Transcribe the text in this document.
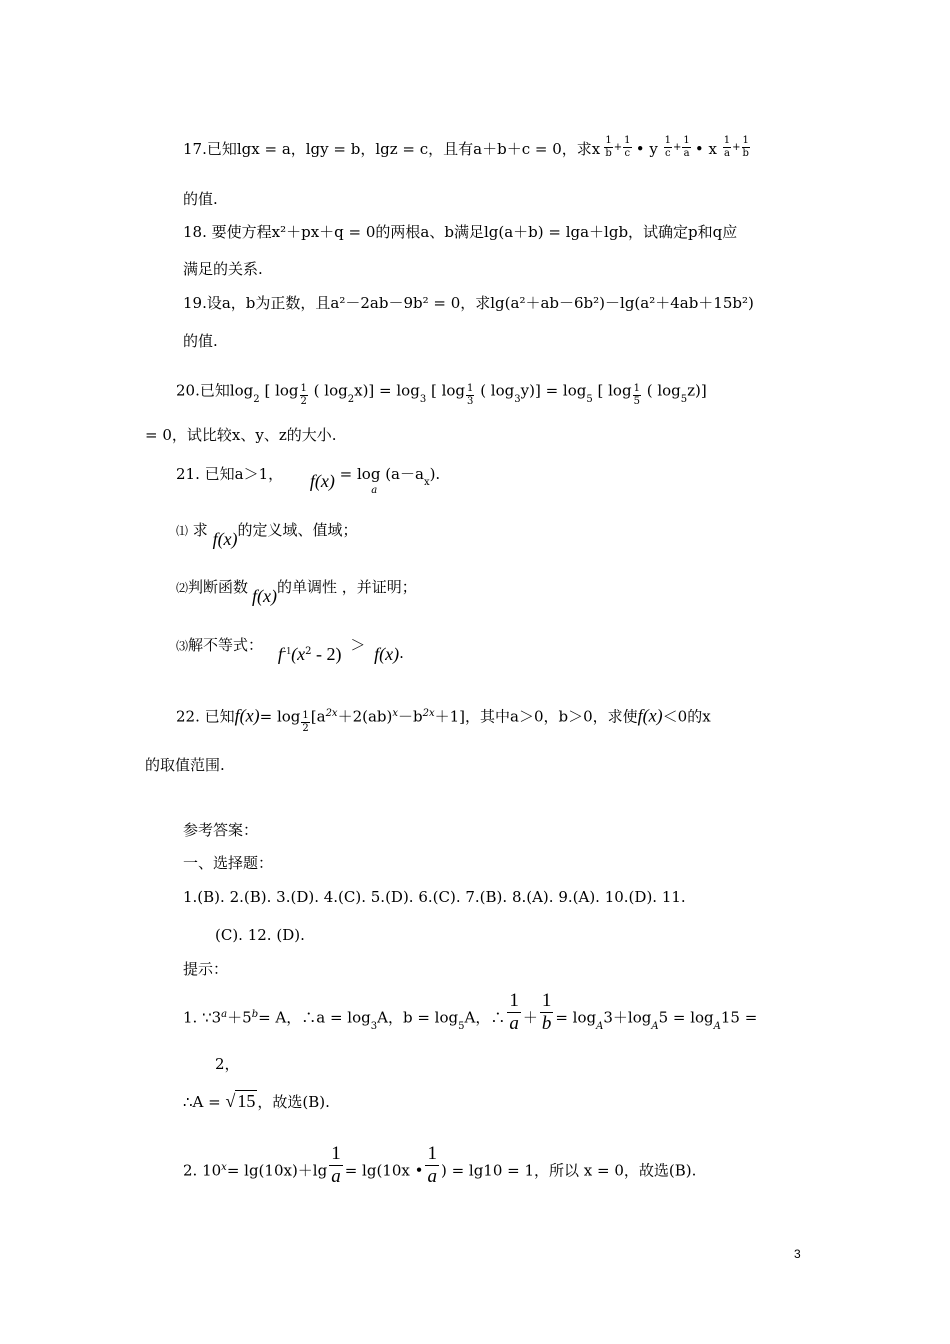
17.已知lgx = a，lgy = b，lgz = c，且有a＋b＋c = 0，求x $^{\frac{1}{b} + \frac{1}{c}}$ • y $^{\frac{1}{c} + \frac{1}{a}}$ • x $^{\frac{1}{a} + \frac{1}{b}}$
的值.
18. 要使方程x²＋px＋q = 0的两根a、b满足lg(a＋b) = lga＋lgb，试确定p和q应
满足的关系.
19.设a，b为正数，且a²－2ab－9b² = 0，求lg(a²＋ab－6b²)－lg(a²＋4ab＋15b²)
的值.
20.已知$\log_2$ [ $\log \frac{1}{2}$ ( $\log_2x)] = \log_3$ [ $\log \frac{1}{3}$ ( $\log_3y)] = \log_5$ [ $\log \frac{1}{5}$ ( $\log_5z$)]
= 0，试比较x、y、z的大小.
21. 已知a＞1， $f(x) = \log _a(a-a_x)$.
⑴ 求 f(x)的定义域、值域；
⑵判断函数 f(x)的单调性 ，并证明；
⑶解不等式： $f^{-1}(x^2 - 2) > f(x)$.
22. 已知$f(x)= \log \frac{1}{2} [a^{2x}+2(ab)^x-b^{2x}+1]$，其中a＞0，b＞0，求使f(x)＜0的x
的取值范围.
参考答案：
一、选择题：
1.(B). 2.(B). 3.(D). 4.(C). 5.(D). 6.(C). 7.(B). 8.(A). 9.(A). 10.(D). 11.
(C). 12. (D).
提示：
1. $\because 3^a+5^b= A$，∴a = $\log_3A$，$b = \log_5A$，∴ $\frac{1}{a} + \frac{1}{b} = \log_A3+\log_A5 = \log_A15$ =
2，
∴A = √ 15 ，故选(B).
2. $10^x= \lg(10x)+\lg \frac{1}{a} = \lg(10x$ • $\frac{1}{a}$ ) = lg10 = 1，所以 x = 0，故选(B).
3
